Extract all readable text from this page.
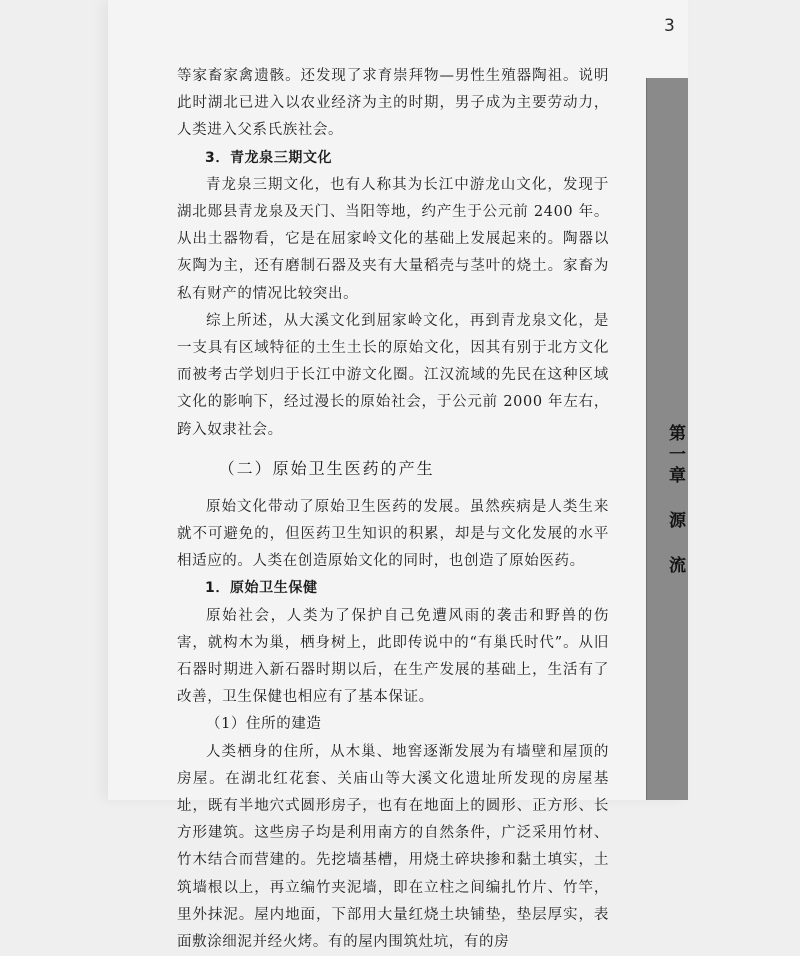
3
第一章 源 流

等家畜家禽遗骸。还发现了求育崇拜物—男性生殖器陶祖。说明此时湖北已进入以农业经济为主的时期，男子成为主要劳动力，人类进入父系氏族社会。

3．青龙泉三期文化

青龙泉三期文化，也有人称其为长江中游龙山文化，发现于湖北郧县青龙泉及天门、当阳等地，约产生于公元前 2400 年。从出土器物看，它是在屈家岭文化的基础上发展起来的。陶器以灰陶为主，还有磨制石器及夹有大量稻壳与茎叶的烧土。家畜为私有财产的情况比较突出。

综上所述，从大溪文化到屈家岭文化，再到青龙泉文化，是一支具有区域特征的土生土长的原始文化，因其有别于北方文化而被考古学划归于长江中游文化圈。江汉流域的先民在这种区域文化的影响下，经过漫长的原始社会，于公元前 2000 年左右，跨入奴隶社会。

（二）原始卫生医药的产生

原始文化带动了原始卫生医药的发展。虽然疾病是人类生来就不可避免的，但医药卫生知识的积累，却是与文化发展的水平相适应的。人类在创造原始文化的同时，也创造了原始医药。

1．原始卫生保健

原始社会，人类为了保护自己免遭风雨的袭击和野兽的伤害，就构木为巢，栖身树上，此即传说中的“有巢氏时代”。从旧石器时期进入新石器时期以后，在生产发展的基础上，生活有了改善，卫生保健也相应有了基本保证。

（1）住所的建造

人类栖身的住所，从木巢、地窖逐渐发展为有墙壁和屋顶的房屋。在湖北红花套、关庙山等大溪文化遗址所发现的房屋基址，既有半地穴式圆形房子，也有在地面上的圆形、正方形、长方形建筑。这些房子均是利用南方的自然条件，广泛采用竹材、竹木结合而营建的。先挖墙基槽，用烧土碎块掺和黏土填实，土筑墙根以上，再立编竹夹泥墙，即在立柱之间编扎竹片、竹竿，里外抹泥。屋内地面，下部用大量红烧土块铺垫，垫层厚实，表面敷涂细泥并经火烤。有的屋内围筑灶坑，有的房
